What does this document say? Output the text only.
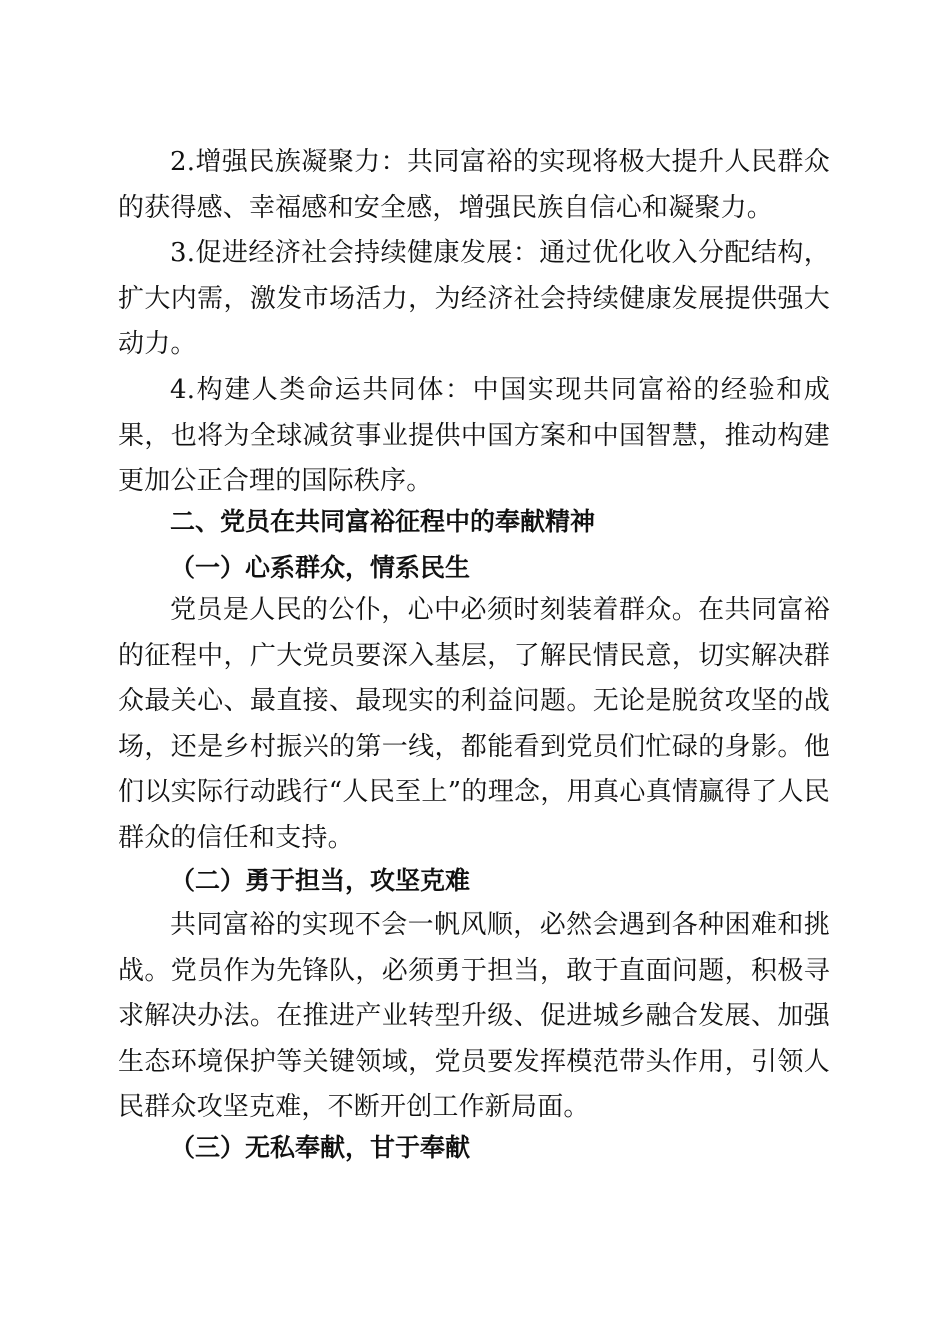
2.增强民族凝聚力：共同富裕的实现将极大提升人民群众的获得感、幸福感和安全感，增强民族自信心和凝聚力。

3.促进经济社会持续健康发展：通过优化收入分配结构，扩大内需，激发市场活力，为经济社会持续健康发展提供强大动力。

4.构建人类命运共同体：中国实现共同富裕的经验和成果，也将为全球减贫事业提供中国方案和中国智慧，推动构建更加公正合理的国际秩序。

二、党员在共同富裕征程中的奉献精神
（一）心系群众，情系民生

党员是人民的公仆，心中必须时刻装着群众。在共同富裕的征程中，广大党员要深入基层，了解民情民意，切实解决群众最关心、最直接、最现实的利益问题。无论是脱贫攻坚的战场，还是乡村振兴的第一线，都能看到党员们忙碌的身影。他们以实际行动践行“人民至上”的理念，用真心真情赢得了人民群众的信任和支持。

（二）勇于担当，攻坚克难

共同富裕的实现不会一帆风顺，必然会遇到各种困难和挑战。党员作为先锋队，必须勇于担当，敢于直面问题，积极寻求解决办法。在推进产业转型升级、促进城乡融合发展、加强生态环境保护等关键领域，党员要发挥模范带头作用，引领人民群众攻坚克难，不断开创工作新局面。

（三）无私奉献，甘于奉献
